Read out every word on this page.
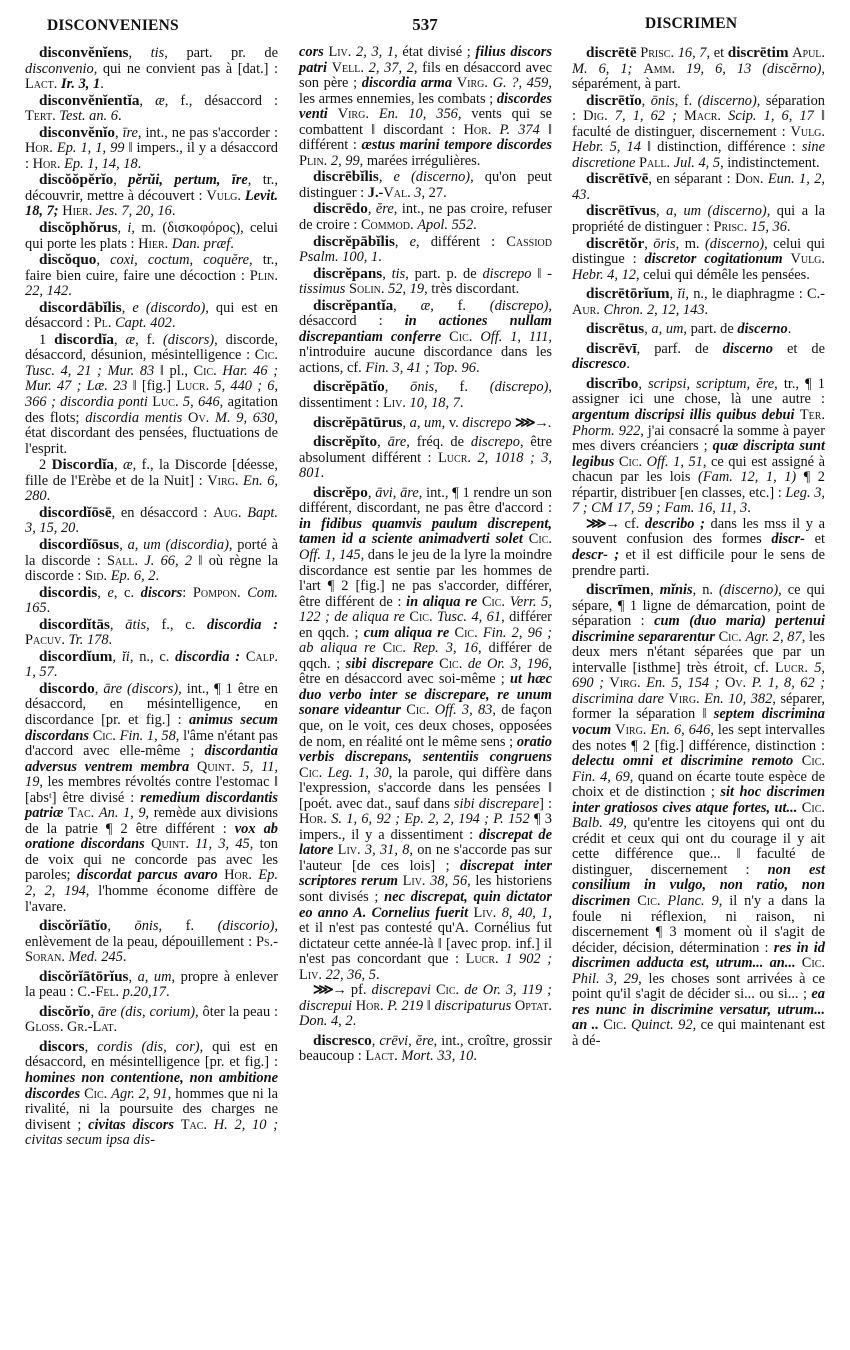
DISCONVENIENS	537	DISCRIMEN

disconvĕnĭens, tis, part. pr. de disconvenio, qui ne convient pas à [dat.] : Lact. Ir. 3, 1.

disconvĕnĭentĭa, æ, f., désaccord : Tert. Test. an. 6.

disconvĕnĭo, īre, int., ne pas s'accorder : Hor. Ep. 1, 1, 99 ‖ impers., il y a désaccord : Hor. Ep. 1, 14, 18.

discŏŏpĕrĭo, pĕrŭi, pertum, īre, tr., découvrir, mettre à découvert : Vulg. Levit. 18, 7; Hier. Jes. 7, 20, 16.

discŏphŏrus, i, m. (δισκοφόρος), celui qui porte les plats : Hier. Dan. præf.

discŏquo, coxi, coctum, coquĕre, tr., faire bien cuire, faire une décoction : Plin. 22, 142.

discordābĭlis, e (discordo), qui est en désaccord : Pl. Capt. 402.

1 discordĭa, æ, f. (discors), discorde, désaccord, désunion, mésintelligence : Cic. Tusc. 4, 21 ; Mur. 83 ‖ pl., Cic. Har. 46 ; Mur. 47 ; Læ. 23 ‖ [fig.] Lucr. 5, 440 ; 6, 366 ; discordia ponti Luc. 5, 646, agitation des flots; discordia mentis Ov. M. 9, 630, état discordant des pensées, fluctuations de l'esprit.

2 Discordĭa, æ, f., la Discorde [déesse, fille de l'Erèbe et de la Nuit] : Virg. En. 6, 280.

discordĭōsē, en désaccord : Aug. Bapt. 3, 15, 20.

discordĭōsus, a, um (discordia), porté à la discorde : Sall. J. 66, 2 ‖ où règne la discorde : Sid. Ep. 6, 2.

discordis, e, c. discors: Pompon. Com. 165.

discordĭtās, ātis, f., c. discordia : Pacuv. Tr. 178.

discordĭum, ĭi, n., c. discordia : Calp. 1, 57.

discordo, āre (discors), int., ¶ 1 être en désaccord, en mésintelligence, en discordance [pr. et fig.] : animus secum discordans Cic. Fin. 1, 58, l'âme n'étant pas d'accord avec elle-même ; discordantia adversus ventrem membra Quint. 5, 11, 19, les membres révoltés contre l'estomac ‖ [absᵗ] être divisé : remedium discordantis patriæ Tac. An. 1, 9, remède aux divisions de la patrie ¶ 2 être différent : vox ab oratione discordans Quint. 11, 3, 45, ton de voix qui ne concorde pas avec les paroles; discordat parcus avaro Hor. Ep. 2, 2, 194, l'homme économe diffère de l'avare.

discŏrĭātĭo, ōnis, f. (discorio), enlèvement de la peau, dépouillement : Ps.-Soran. Med. 245.

discŏrĭātōrĭus, a, um, propre à enlever la peau : C.-Fel. p.20,17.

discŏrĭo, āre (dis, corium), ôter la peau : Gloss. Gr.-Lat.

discors, cordis (dis, cor), qui est en désaccord, en mésintelligence [pr. et fig.] : homines non contentione, non ambitione discordes Cic. Agr. 2, 91, hommes que ni la rivalité, ni la poursuite des charges ne divisent ; civitas discors Tac. H. 2, 10 ; civitas secum ipsa dis-

cors Liv. 2, 3, 1, état divisé ; filius discors patri Vell. 2, 37, 2, fils en désaccord avec son père ; discordia arma Virg. G. ?, 459, les armes ennemies, les combats ; discordes venti Virg. En. 10, 356, vents qui se combattent ‖ discordant : Hor. P. 374 ‖ différent : æstus marini tempore discordes Plin. 2, 99, marées irrégulières.

discrēbĭlis, e (discerno), qu'on peut distinguer : J.-Val. 3, 27.

discrēdo, ĕre, int., ne pas croire, refuser de croire : Commod. Apol. 552.

discrĕpābĭlis, e, différent : Cassiod Psalm. 100, 1.

discrĕpans, tis, part. p. de discrepo ‖ -tissimus Solin. 52, 19, très discordant.

discrĕpantĭa, æ, f. (discrepo), désaccord : in actiones nullam discrepantiam conferre Cic. Off. 1, 111, n'introduire aucune discordance dans les actions, cf. Fin. 3, 41 ; Top. 96.

discrĕpātĭo, ōnis, f. (discrepo), dissentiment : Liv. 10, 18, 7.

discrĕpātūrus, a, um, v. discrepo ⋙→.

discrĕpĭto, āre, fréq. de discrepo, être absolument différent : Lucr. 2, 1018 ; 3, 801.

discrĕpo, āvi, āre, int., ¶ 1 rendre un son différent, discordant, ne pas être d'accord : in fidibus quamvis paulum discrepent, tamen id a sciente animadverti solet Cic. Off. 1, 145, dans le jeu de la lyre la moindre discordance est sentie par les hommes de l'art ¶ 2 [fig.] ne pas s'accorder, différer, être différent de : in aliqua re Cic. Verr. 5, 122 ; de aliqua re Cic. Tusc. 4, 61, différer en qqch. ; cum aliqua re Cic. Fin. 2, 96 ; ab aliqua re Cic. Rep. 3, 16, différer de qqch. ; sibi discrepare Cic. de Or. 3, 196, être en désaccord avec soi-même ; ut hæc duo verbo inter se discrepare, re unum sonare videantur Cic. Off. 3, 83, de façon que, on le voit, ces deux choses, opposées de nom, en réalité ont le même sens ; oratio verbis discrepans, sententiis congruens Cic. Leg. 1, 30, la parole, qui diffère dans l'expression, s'accorde dans les pensées ‖ [poét. avec dat., sauf dans sibi discrepare] : Hor. S. 1, 6, 92 ; Ep. 2, 2, 194 ; P. 152 ¶ 3 impers., il y a dissentiment : discrepat de latore Liv. 3, 31, 8, on ne s'accorde pas sur l'auteur [de ces lois] ; discrepat inter scriptores rerum Liv. 38, 56, les historiens sont divisés ; nec discrepat, quin dictator eo anno A. Cornelius fuerit Liv. 8, 40, 1, et il n'est pas contesté qu'A. Cornélius fut dictateur cette année-là ‖ [avec prop. inf.] il n'est pas concordant que : Lucr. 1 902 ; Liv. 22, 36, 5.

⋙→ pf. discrepavi Cic. de Or. 3, 119 ; discrepui Hor. P. 219 ‖ discripaturus Optat. Don. 4, 2.

discresco, crēvi, ĕre, int., croître, grossir beaucoup : Lact. Mort. 33, 10.

discrētē Prisc. 16, 7, et discrētim Apul. M. 6, 1; Amm. 19, 6, 13 (discĕrno), séparément, à part.

discrētĭo, ōnis, f. (discerno), séparation : Dig. 7, 1, 62 ; Macr. Scip. 1, 6, 17 ‖ faculté de distinguer, discernement : Vulg. Hebr. 5, 14 ‖ distinction, différence : sine discretione Pall. Jul. 4, 5, indistinctement.

discrētīvē, en séparant : Don. Eun. 1, 2, 43.

discrētīvus, a, um (discerno), qui a la propriété de distinguer : Prisc. 15, 36.

discrētŏr, ōris, m. (discerno), celui qui distingue : discretor cogitationum Vulg. Hebr. 4, 12, celui qui démêle les pensées.

discrētōrĭum, ĭi, n., le diaphragme : C.-Aur. Chron. 2, 12, 143.

discrētus, a, um, part. de discerno.

discrēvī, parf. de discerno et de discresco.

discrībo, scripsi, scriptum, ĕre, tr., ¶ 1 assigner ici une chose, là une autre : argentum discripsi illis quibus debui Ter. Phorm. 922, j'ai consacré la somme à payer mes divers créanciers ; quæ discripta sunt legibus Cic. Off. 1, 51, ce qui est assigné à chacun par les lois (Fam. 12, 1, 1) ¶ 2 répartir, distribuer [en classes, etc.] : Leg. 3, 7 ; CM 17, 59 ; Fam. 16, 11, 3.

⋙→ cf. describo ; dans les mss il y a souvent confusion des formes discr- et descr- ; et il est difficile pour le sens de prendre parti.

discrīmen, mĭnis, n. (discerno), ce qui sépare, ¶ 1 ligne de démarcation, point de séparation : cum (duo maria) pertenui discrimine separarentur Cic. Agr. 2, 87, les deux mers n'étant séparées que par un intervalle [isthme] très étroit, cf. Lucr. 5, 690 ; Virg. En. 5, 154 ; Ov. P. 1, 8, 62 ; discrimina dare Virg. En. 10, 382, séparer, former la séparation ‖ septem discrimina vocum Virg. En. 6, 646, les sept intervalles des notes ¶ 2 [fig.] différence, distinction : delectu omni et discrimine remoto Cic. Fin. 4, 69, quand on écarte toute espèce de choix et de distinction ; sit hoc discrimen inter gratiosos cives atque fortes, ut... Cic. Balb. 49, qu'entre les citoyens qui ont du crédit et ceux qui ont du courage il y ait cette différence que... ‖ faculté de distinguer, discernement : non est consilium in vulgo, non ratio, non discrimen Cic. Planc. 9, il n'y a dans la foule ni réflexion, ni raison, ni discernement ¶ 3 moment où il s'agit de décider, décision, détermination : res in id discrimen adducta est, utrum... an... Cic. Phil. 3, 29, les choses sont arrivées à ce point qu'il s'agit de décider si... ou si... ; ea res nunc in discrimine versatur, utrum... an .. Cic. Quinct. 92, ce qui maintenant est à dé-
